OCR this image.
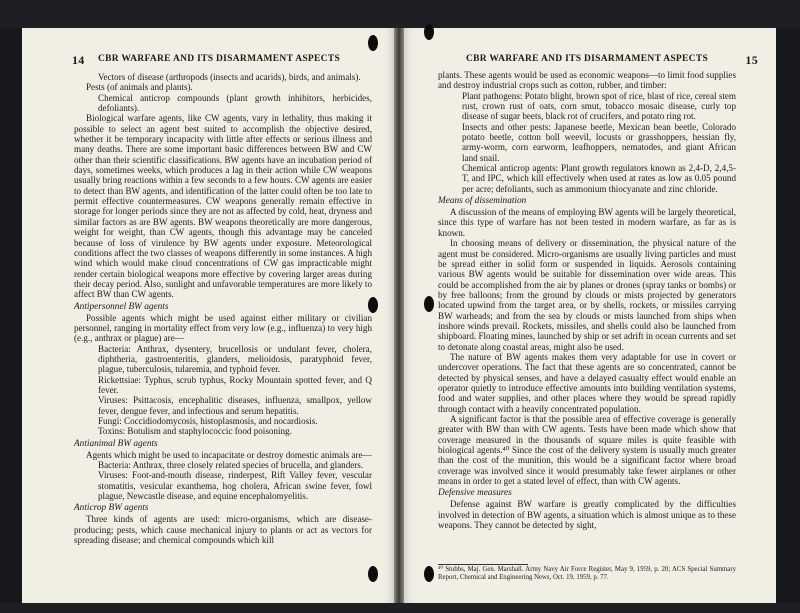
14	CBR WARFARE AND ITS DISARMAMENT ASPECTS

Vectors of disease (arthropods (insects and acarids), birds, and animals).

Pests (of animals and plants).

Chemical anticrop compounds (plant growth inhibitors, herbicides, defoliants).

Biological warfare agents, like CW agents, vary in lethality, thus making it possible to select an agent best suited to accomplish the objective desired, whether it be temporary incapacity with little after effects or serious illness and many deaths. There are some important basic differences between BW and CW other than their scientific classifications. BW agents have an incubation period of days, sometimes weeks, which produces a lag in their action while CW weapons usually bring reactions within a few seconds to a few hours. CW agents are easier to detect than BW agents, and identification of the latter could often be too late to permit effective countermeasures. CW weapons generally remain effective in storage for longer periods since they are not as affected by cold, heat, dryness and similar factors as are BW agents. BW weapons theoretically are more dangerous, weight for weight, than CW agents, though this advantage may be canceled because of loss of virulence by BW agents under exposure. Meteorological conditions affect the two classes of weapons differently in some instances. A high wind which would make cloud concentrations of CW gas impracticable might render certain biological weapons more effective by covering larger areas during their decay period. Also, sunlight and unfavorable temperatures are more likely to affect BW than CW agents.

Antipersonnel BW agents

Possible agents which might be used against either military or civilian personnel, ranging in mortality effect from very low (e.g., influenza) to very high (e.g., anthrax or plague) are—

Bacteria: Anthrax, dysentery, brucellosis or undulant fever, cholera, diphtheria, gastroenteritis, glanders, melioidosis, paratyphoid fever, plague, tuberculosis, tularemia, and typhoid fever.

Rickettsiae: Typhus, scrub typhus, Rocky Mountain spotted fever, and Q fever.

Viruses: Psittacosis, encephalitic diseases, influenza, smallpox, yellow fever, dengue fever, and infectious and serum hepatitis.

Fungi: Coccidiodomycosis, histoplasmosis, and nocardiosis.

Toxins: Botulism and staphylococcic food poisoning.

Antianimal BW agents

Agents which might be used to incapacitate or destroy domestic animals are—

Bacteria: Anthrax, three closely related species of brucella, and glanders.

Viruses: Foot-and-mouth disease, rinderpest, Rift Valley fever, vescular stomatitis, vesicular exanthema, hog cholera, African swine fever, fowl plague, Newcastle disease, and equine encephalomyelitis.

Anticrop BW agents

Three kinds of agents are used: micro-organisms, which are disease-producing; pests, which cause mechanical injury to plants or act as vectors for spreading disease; and chemical compounds which kill

CBR WARFARE AND ITS DISARMAMENT ASPECTS	15

plants. These agents would be used as economic weapons—to limit food supplies and destroy industrial crops such as cotton, rubber, and timber:

Plant pathogens: Potato blight, brown spot of rice, blast of rice, cereal stem rust, crown rust of oats, corn smut, tobacco mosaic disease, curly top disease of sugar beets, black rot of crucifers, and potato ring rot.

Insects and other pests: Japanese beetle, Mexican bean beetle, Colorado potato beetle, cotton boll weevil, locusts or grasshoppers, hessian fly, army-worm, corn earworm, leafhoppers, nematodes, and giant African land snail.

Chemical anticrop agents: Plant growth regulators known as 2,4-D, 2,4,5-T, and IPC, which kill effectively when used at rates as low as 0.05 pound per acre; defoliants, such as ammonium thiocyanate and zinc chloride.

Means of dissemination

A discussion of the means of employing BW agents will be largely theoretical, since this type of warfare has not been tested in modern warfare, as far as is known.

In choosing means of delivery or dissemination, the physical nature of the agent must be considered. Micro-organisms are usually living particles and must be spread either in solid form or suspended in liquids. Aerosols containing various BW agents would be suitable for dissemination over wide areas. This could be accomplished from the air by planes or drones (spray tanks or bombs) or by free balloons; from the ground by clouds or mists projected by generators located upwind from the target area, or by shells, rockets, or missiles carrying BW warheads; and from the sea by clouds or mists launched from ships when inshore winds prevail. Rockets, missiles, and shells could also be launched from shipboard. Floating mines, launched by ship or set adrift in ocean currents and set to detonate along coastal areas, might also be used.

The nature of BW agents makes them very adaptable for use in covert or undercover operations. The fact that these agents are so concentrated, cannot be detected by physical senses, and have a delayed casualty effect would enable an operator quietly to introduce effective amounts into building ventilation systems, food and water supplies, and other places where they would be spread rapidly through contact with a heavily concentrated population.

A significant factor is that the possible area of effective coverage is generally greater with BW than with CW agents. Tests have been made which show that coverage measured in the thousands of square miles is quite feasible with biological agents.⁴⁰ Since the cost of the delivery system is usually much greater than the cost of the munition, this would be a significant factor where broad coverage was involved since it would presumably take fewer airplanes or other means in order to get a stated level of effect, than with CW agents.

Defensive measures

Defense against BW warfare is greatly complicated by the difficulties involved in detection of BW agents, a situation which is almost unique as to these weapons. They cannot be detected by sight,

⁴⁰ Stubbs, Maj. Gen. Marshall. Army Navy Air Force Register, May 9, 1959, p. 20; ACS Special Summary Report, Chemical and Engineering News, Oct. 19, 1959, p. 77.
